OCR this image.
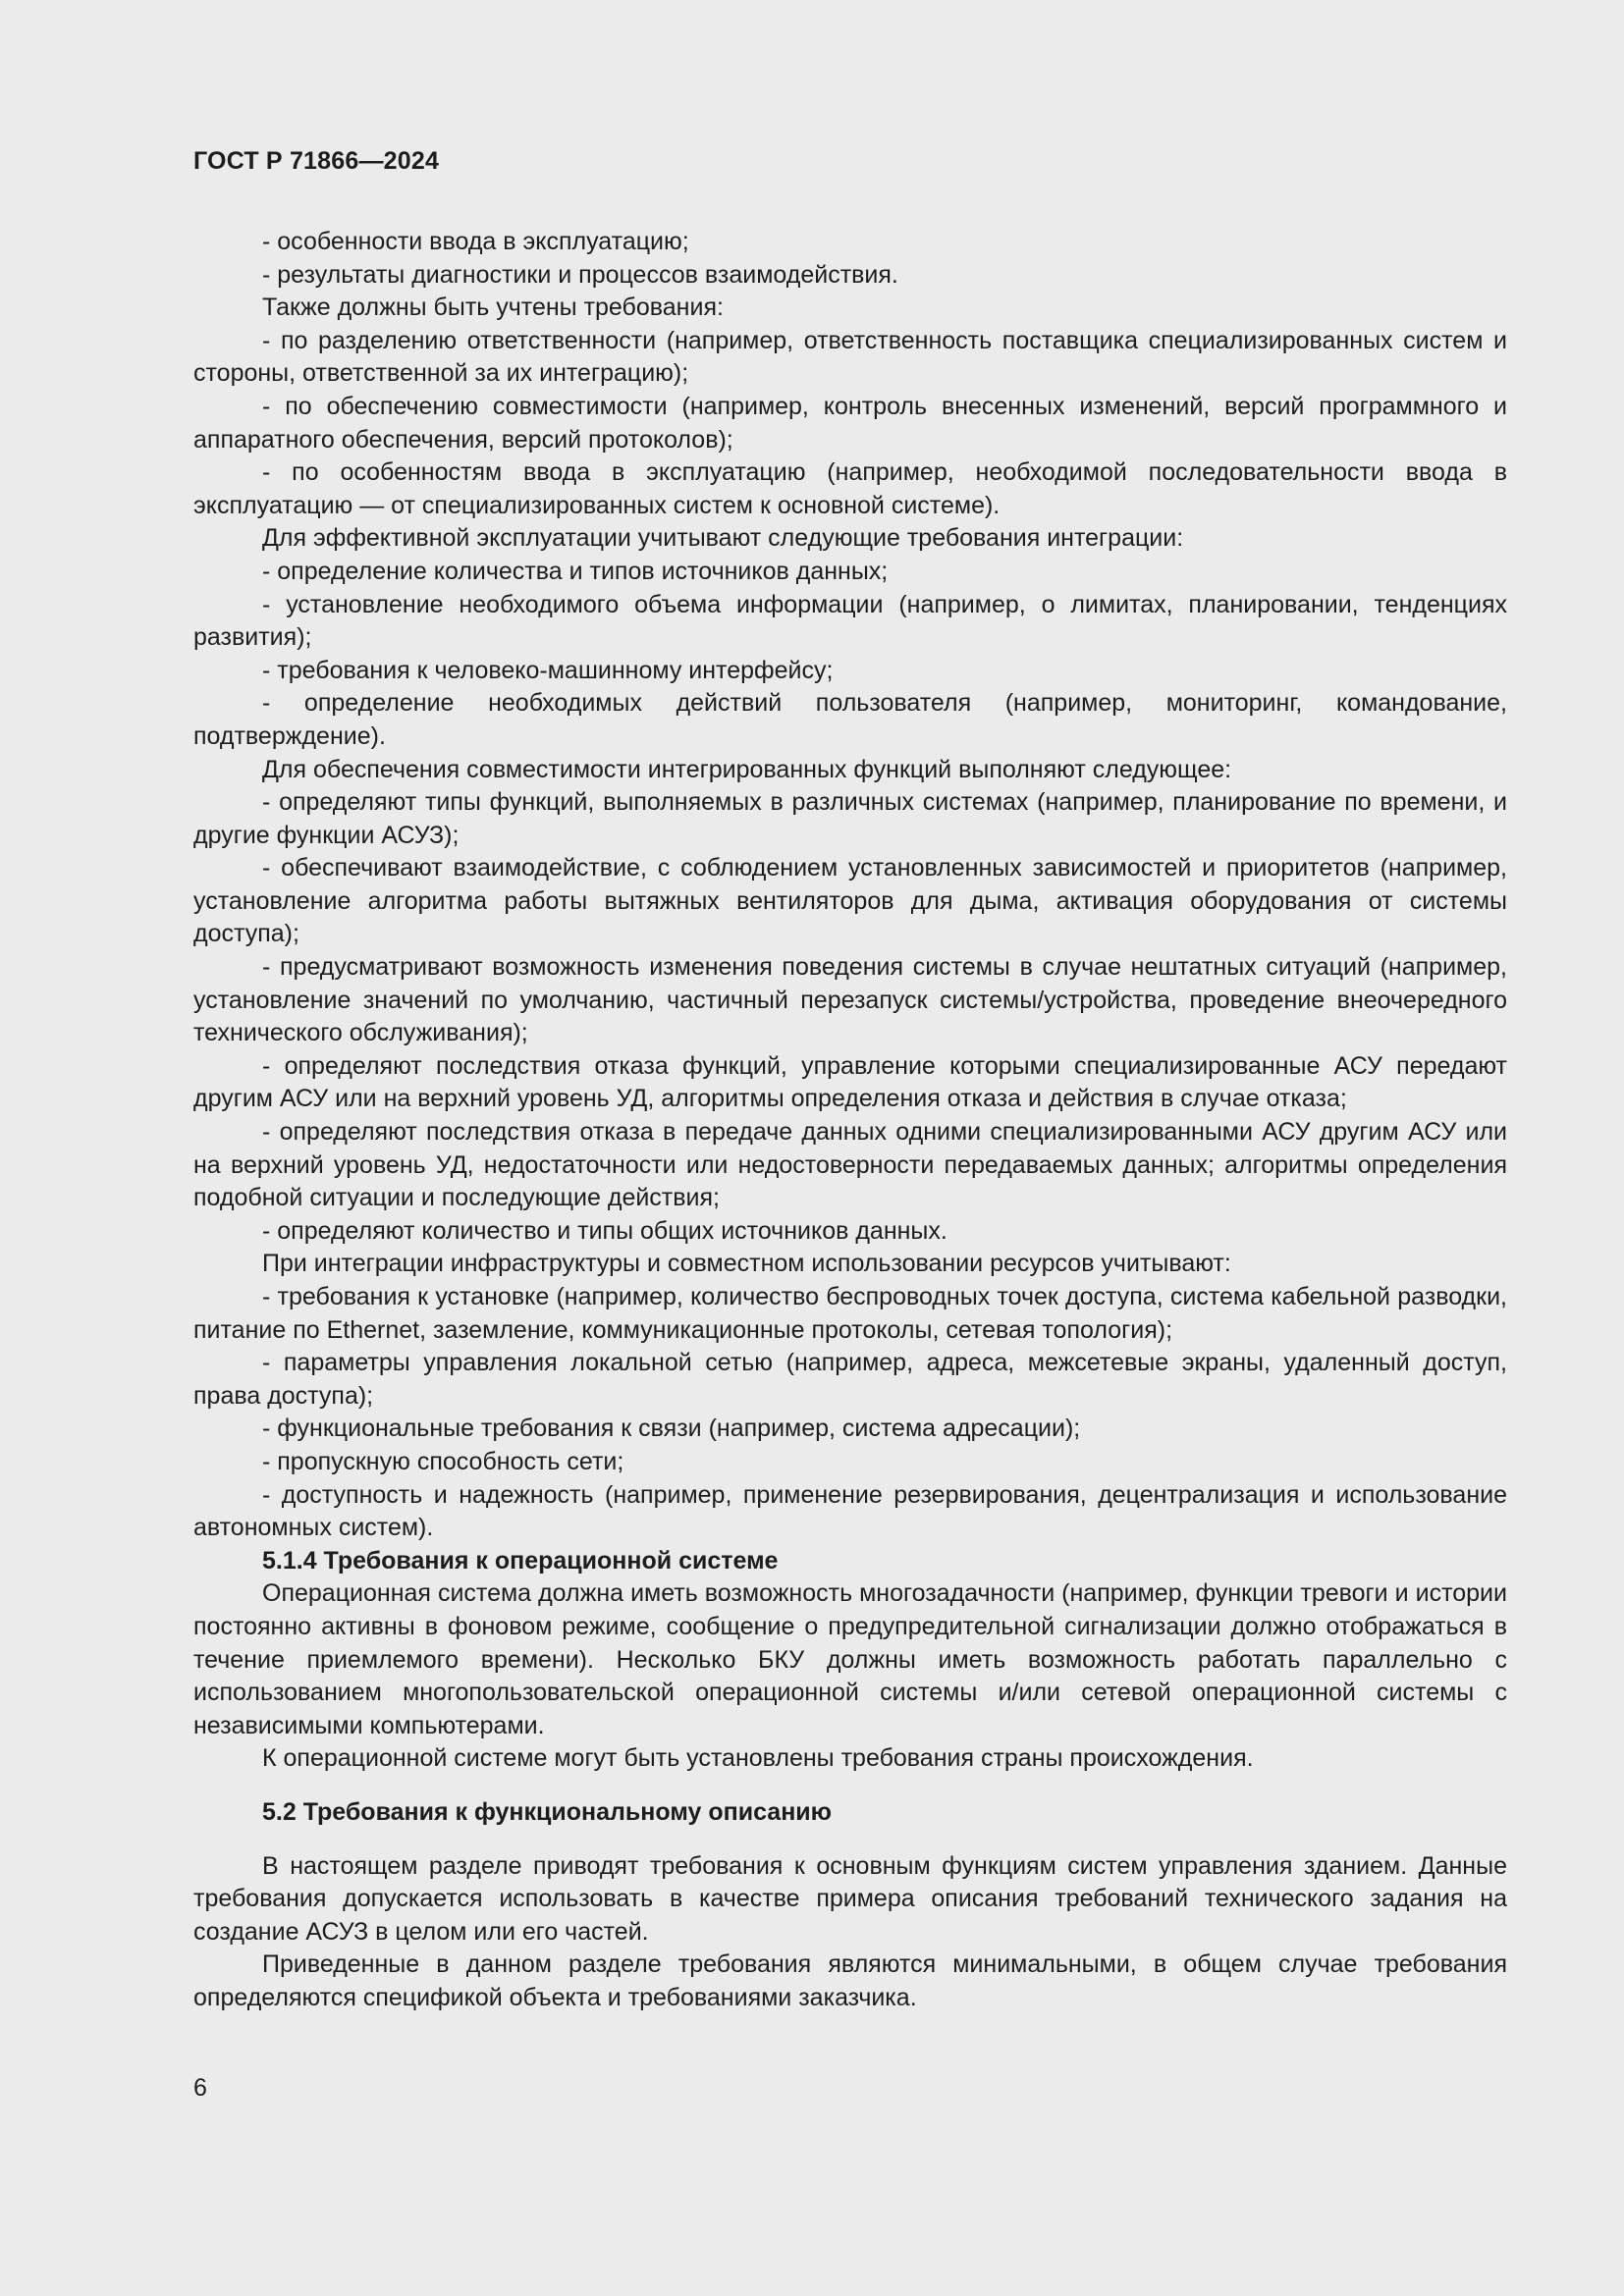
ГОСТ Р 71866—2024

- особенности ввода в эксплуатацию;

- результаты диагностики и процессов взаимодействия.

Также должны быть учтены требования:

- по разделению ответственности (например, ответственность поставщика специализированных систем и стороны, ответственной за их интеграцию);

- по обеспечению совместимости (например, контроль внесенных изменений, версий программного и аппаратного обеспечения, версий протоколов);

- по особенностям ввода в эксплуатацию (например, необходимой последовательности ввода в эксплуатацию — от специализированных систем к основной системе).

Для эффективной эксплуатации учитывают следующие требования интеграции:

- определение количества и типов источников данных;

- установление необходимого объема информации (например, о лимитах, планировании, тенденциях развития);

- требования к человеко-машинному интерфейсу;

- определение необходимых действий пользователя (например, мониторинг, командование, подтверждение).

Для обеспечения совместимости интегрированных функций выполняют следующее:

- определяют типы функций, выполняемых в различных системах (например, планирование по времени, и другие функции АСУЗ);

- обеспечивают взаимодействие, с соблюдением установленных зависимостей и приоритетов (например, установление алгоритма работы вытяжных вентиляторов для дыма, активация оборудования от системы доступа);

- предусматривают возможность изменения поведения системы в случае нештатных ситуаций (например, установление значений по умолчанию, частичный перезапуск системы/устройства, проведение внеочередного технического обслуживания);

- определяют последствия отказа функций, управление которыми специализированные АСУ передают другим АСУ или на верхний уровень УД, алгоритмы определения отказа и действия в случае отказа;

- определяют последствия отказа в передаче данных одними специализированными АСУ другим АСУ или на верхний уровень УД, недостаточности или недостоверности передаваемых данных; алгоритмы определения подобной ситуации и последующие действия;

- определяют количество и типы общих источников данных.

При интеграции инфраструктуры и совместном использовании ресурсов учитывают:

- требования к установке (например, количество беспроводных точек доступа, система кабельной разводки, питание по Ethernet, заземление, коммуникационные протоколы, сетевая топология);

- параметры управления локальной сетью (например, адреса, межсетевые экраны, удаленный доступ, права доступа);

- функциональные требования к связи (например, система адресации);

- пропускную способность сети;

- доступность и надежность (например, применение резервирования, децентрализация и использование автономных систем).

5.1.4 Требования к операционной системе

Операционная система должна иметь возможность многозадачности (например, функции тревоги и истории постоянно активны в фоновом режиме, сообщение о предупредительной сигнализации должно отображаться в течение приемлемого времени). Несколько БКУ должны иметь возможность работать параллельно с использованием многопользовательской операционной системы и/или сетевой операционной системы с независимыми компьютерами.

К операционной системе могут быть установлены требования страны происхождения.

5.2 Требования к функциональному описанию

В настоящем разделе приводят требования к основным функциям систем управления зданием. Данные требования допускается использовать в качестве примера описания требований технического задания на создание АСУЗ в целом или его частей.

Приведенные в данном разделе требования являются минимальными, в общем случае требования определяются спецификой объекта и требованиями заказчика.

6
